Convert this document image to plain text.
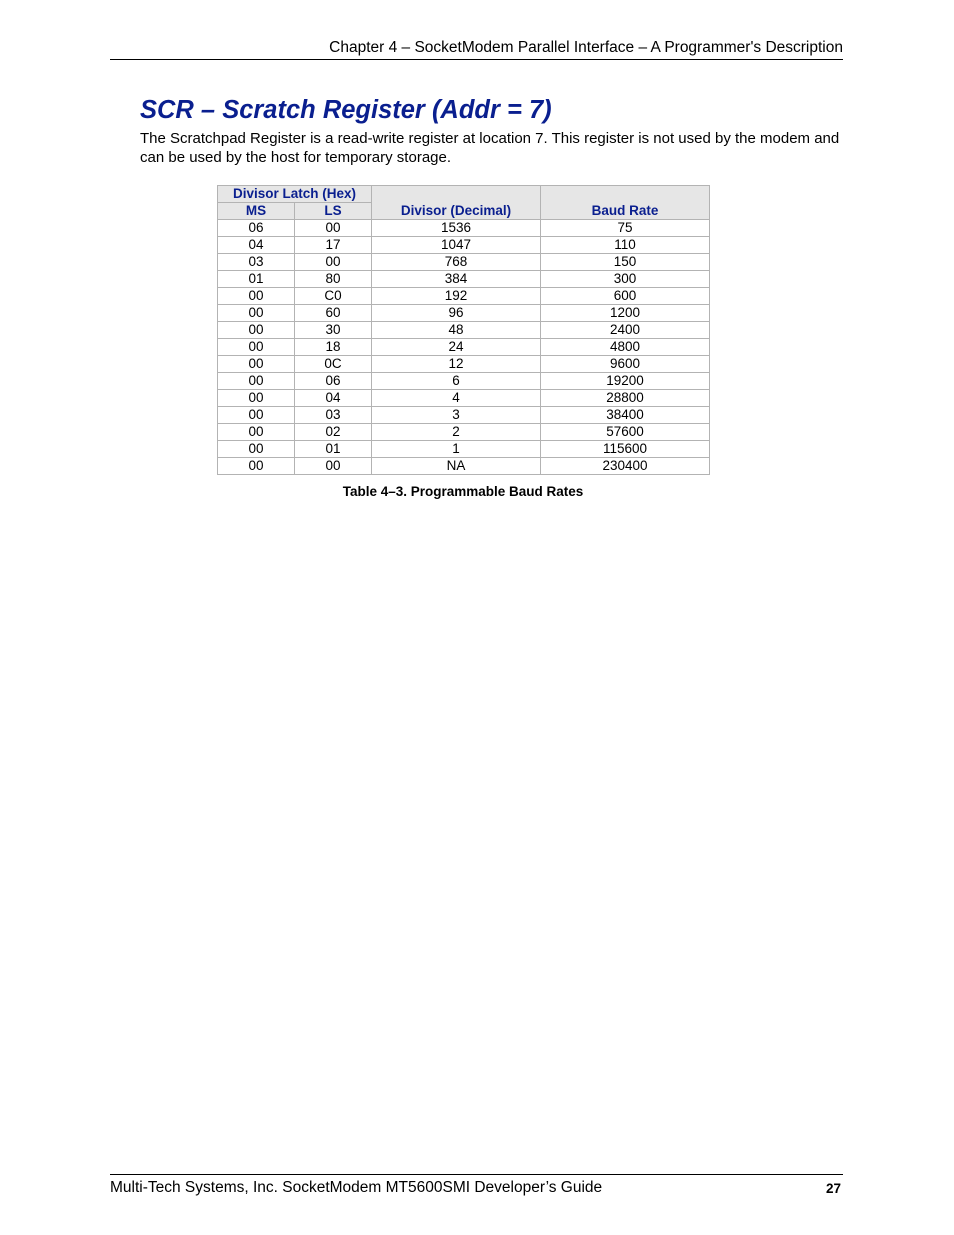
Chapter 4 – SocketModem Parallel Interface – A Programmer's Description
SCR – Scratch Register (Addr = 7)

The Scratchpad Register is a read-write register at location 7. This register is not used by the modem and can be used by the host for temporary storage.

Divisor Latch (Hex)		Divisor (Decimal)	Baud Rate
MS	LS		
06	00	1536	75
04	17	1047	110
03	00	768	150
01	80	384	300
00	C0	192	600
00	60	96	1200
00	30	48	2400
00	18	24	4800
00	0C	12	9600
00	06	6	19200
00	04	4	28800
00	03	3	38400
00	02	2	57600
00	01	1	115600
00	00	NA	230400
Table 4–3. Programmable Baud Rates
Multi-Tech Systems, Inc. SocketModem MT5600SMI Developer’s Guide	27
